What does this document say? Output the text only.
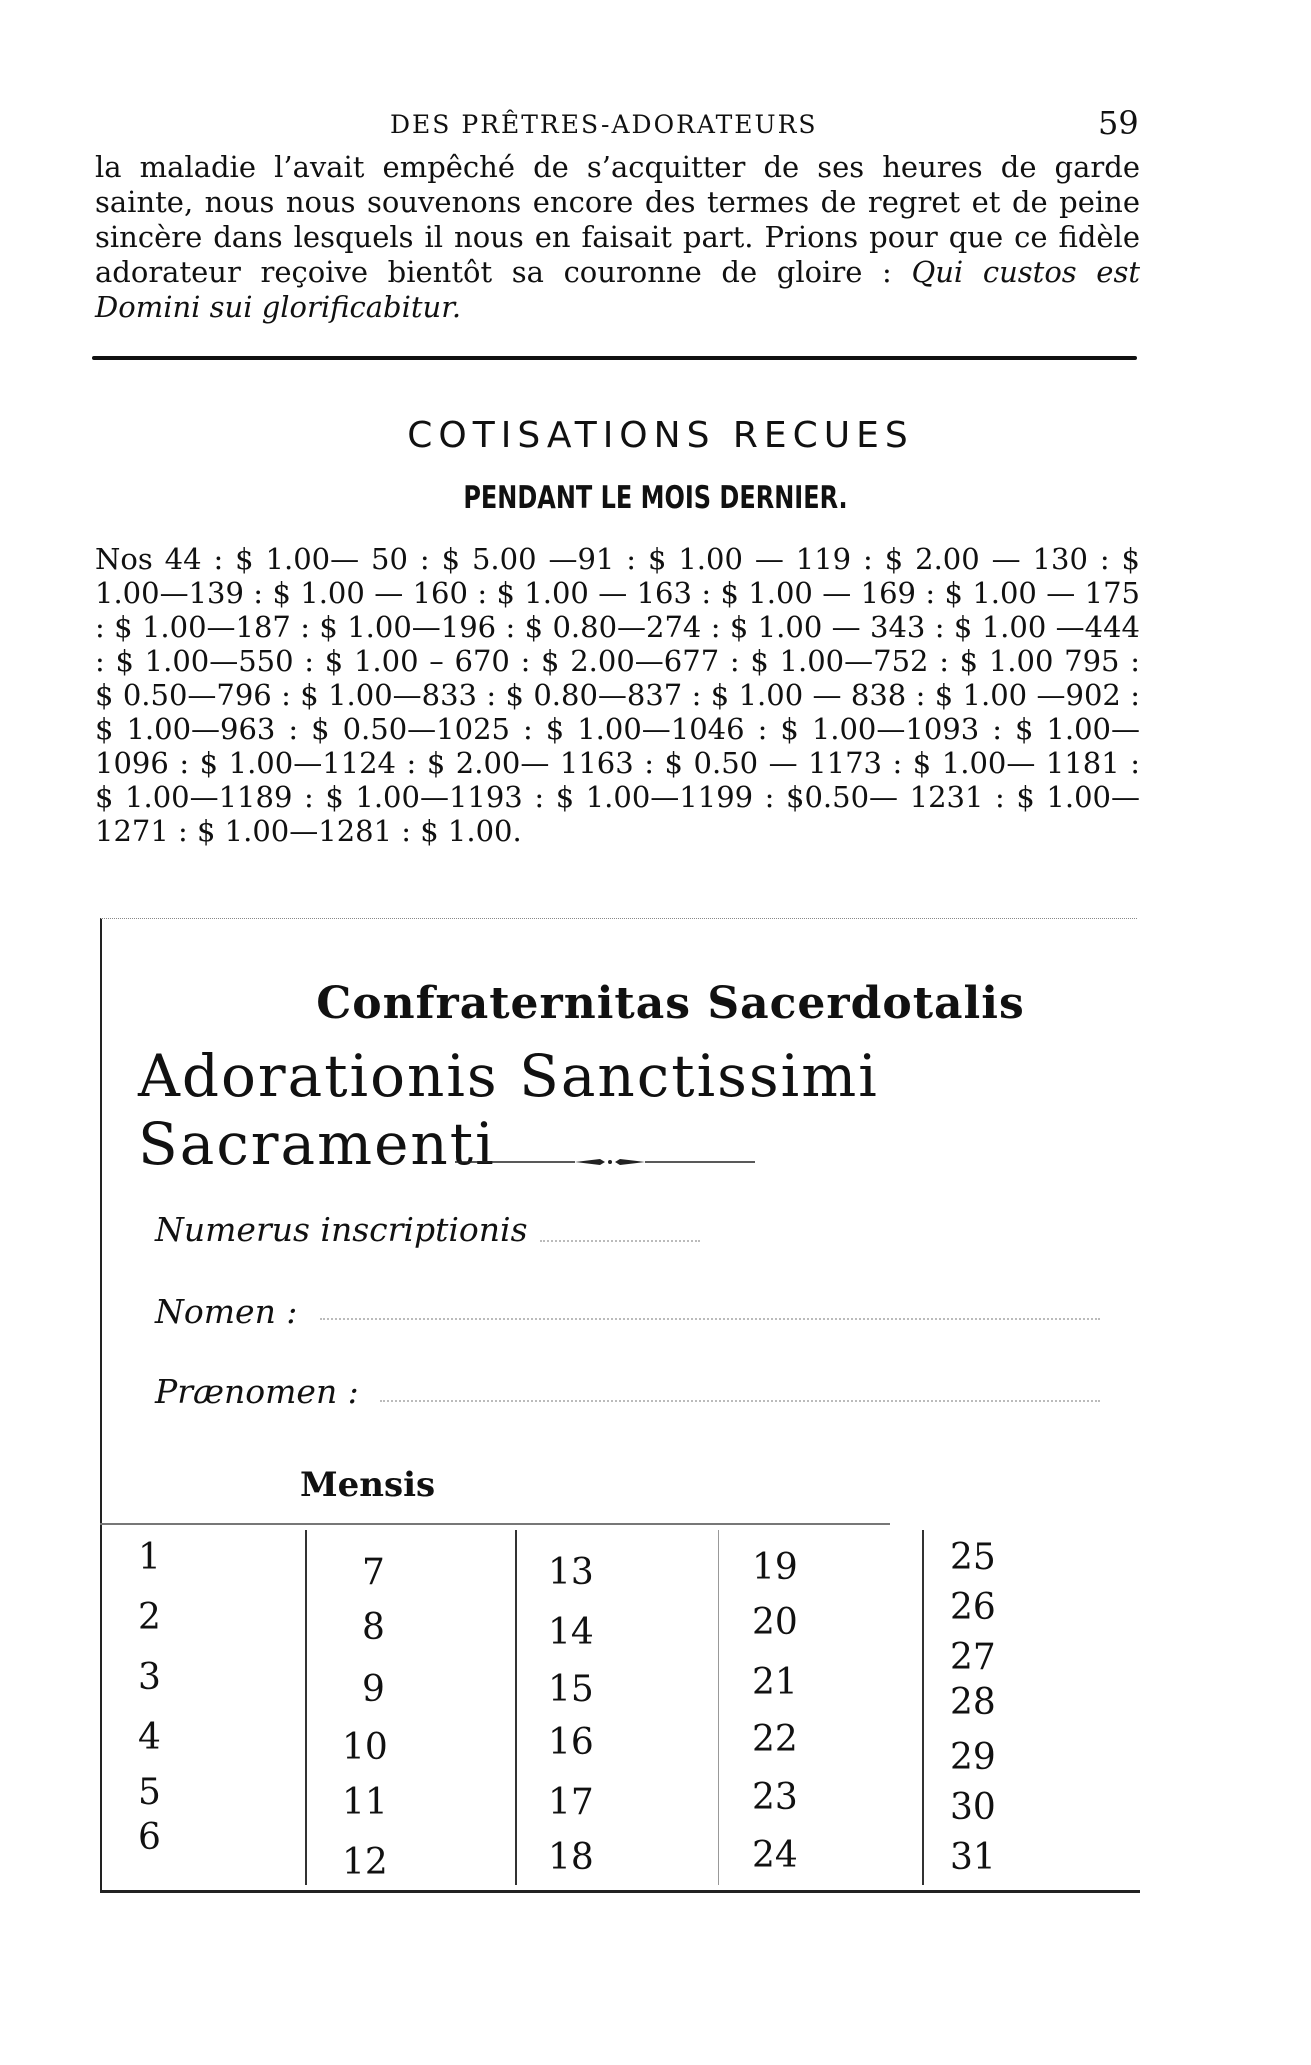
DES PRÊTRES-ADORATEURS	59
la maladie l’avait empêché de s’acquitter de ses heures de garde sainte, nous nous souvenons encore des termes de regret et de peine sincère dans lesquels il nous en faisait part. Prions pour que ce fidèle adorateur reçoive bientôt sa couronne de gloire : Qui custos est Domini sui glorificabitur.
COTISATIONS RECUES
PENDANT LE MOIS DERNIER.
Nos 44 : $ 1.00— 50 : $ 5.00 —91 : $ 1.00 — 119 : $ 2.00 — 130 : $ 1.00—139 : $ 1.00 — 160 : $ 1.00 — 163 : $ 1.00 — 169 : $ 1.00 — 175 : $ 1.00—187 : $ 1.00—196 : $ 0.80—274 : $ 1.00 — 343 : $ 1.00 —444 : $ 1.00—550 : $ 1.00 – 670 : $ 2.00—677 : $ 1.00—752 : $ 1.00 795 : $ 0.50—796 : $ 1.00—833 : $ 0.80—837 : $ 1.00 — 838 : $ 1.00 —902 : $ 1.00—963 : $ 0.50—1025 : $ 1.00—1046 : $ 1.00—1093 : $ 1.00—1096 : $ 1.00—1124 : $ 2.00— 1163 : $ 0.50 — 1173 : $ 1.00— 1181 : $ 1.00—1189 : $ 1.00—1193 : $ 1.00—1199 : $0.50— 1231 : $ 1.00—1271 : $ 1.00—1281 : $ 1.00.
Confraternitas Sacerdotalis
Adorationis Sanctissimi Sacramenti
Numerus inscriptionis
Nomen :
Prænomen :
Mensis
1
2
3
4
5
6
7
8
9
10
11
12
13
14
15
16
17
18
19
20
21
22
23
24
25
26
27
28
29
30
31
